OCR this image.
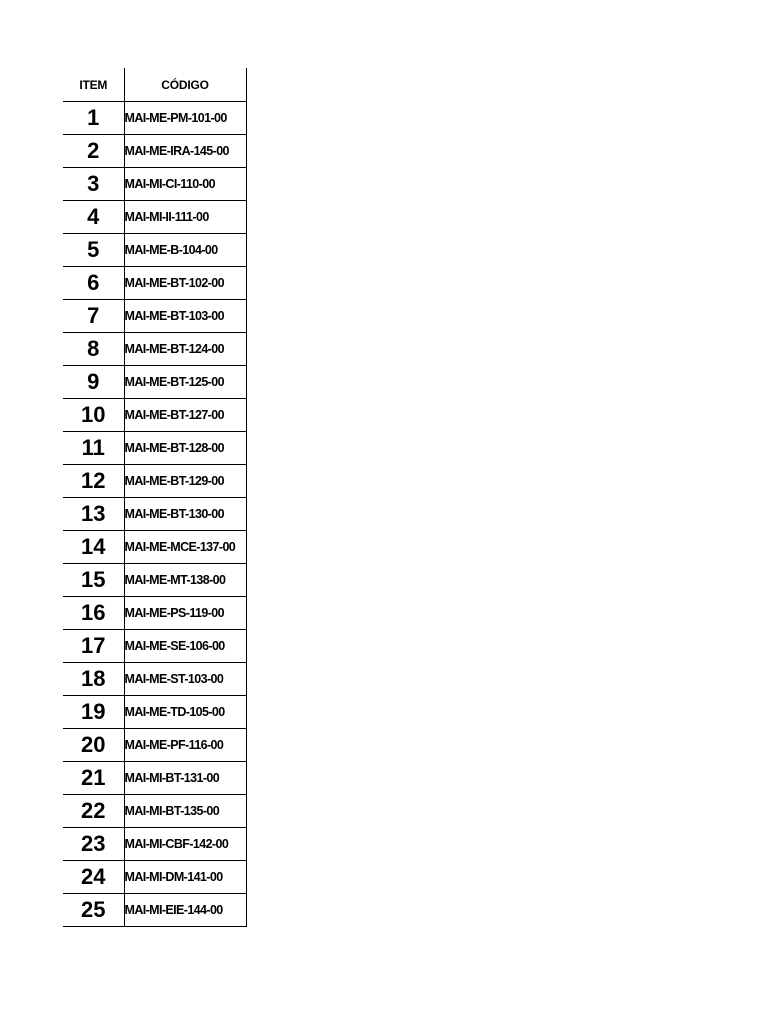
ITEM	CÓDIGO
1	MAI-ME-PM-101-00
2	MAI-ME-IRA-145-00
3	MAI-MI-CI-110-00
4	MAI-MI-II-111-00
5	MAI-ME-B-104-00
6	MAI-ME-BT-102-00
7	MAI-ME-BT-103-00
8	MAI-ME-BT-124-00
9	MAI-ME-BT-125-00
10	MAI-ME-BT-127-00
11	MAI-ME-BT-128-00
12	MAI-ME-BT-129-00
13	MAI-ME-BT-130-00
14	MAI-ME-MCE-137-00
15	MAI-ME-MT-138-00
16	MAI-ME-PS-119-00
17	MAI-ME-SE-106-00
18	MAI-ME-ST-103-00
19	MAI-ME-TD-105-00
20	MAI-ME-PF-116-00
21	MAI-MI-BT-131-00
22	MAI-MI-BT-135-00
23	MAI-MI-CBF-142-00
24	MAI-MI-DM-141-00
25	MAI-MI-EIE-144-00
